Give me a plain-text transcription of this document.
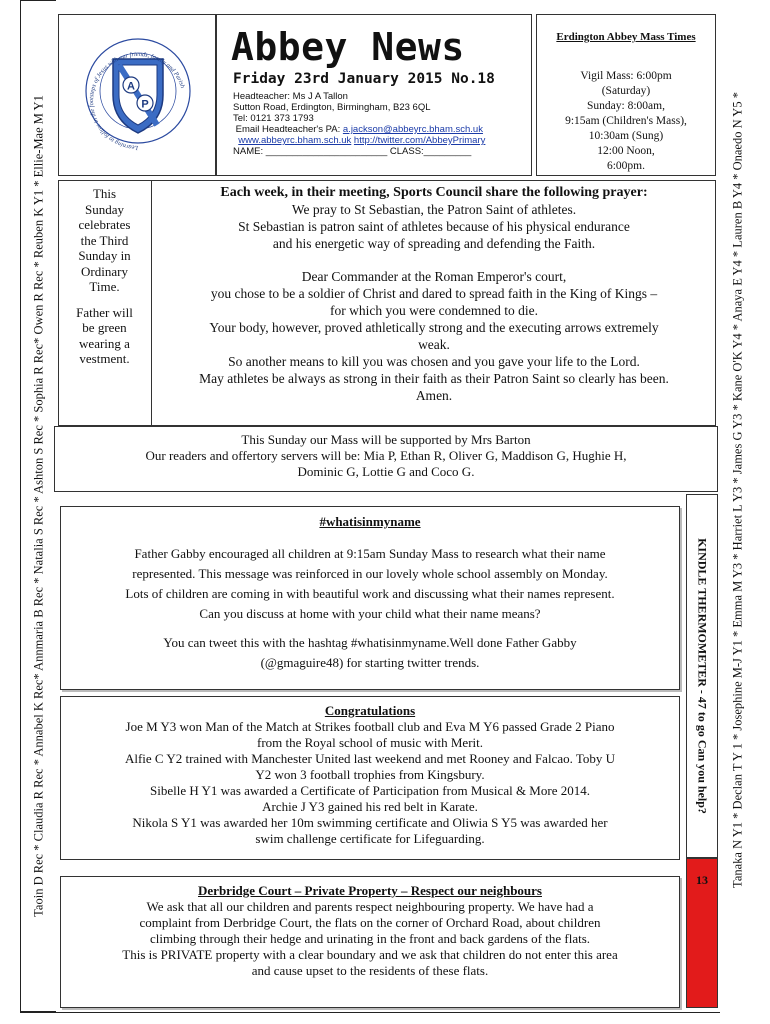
Taoin D Rec * Claudia R Rec * Annabel K Rec* Annmaria B Rec * Natalia S Rec * Ashton S Rec * Sophia R Rec* Owen R Rec * Reuben K Y1 * Ellie-Mae M Y1	Tanaka N Y1 * Declan T Y 1 * Josephine M-J Y1 * Emma M Y3 * Harriet L Y3 * James G Y3 * Kane O'K Y4 * Anaya E Y4 * Lauren B Y4 * Onaedo N Y5 *
A
P
Learning to follow in the footsteps of Jesus with our friends, family and Parish
Abbey News
Friday 23rd January 2015 No.18
Headteacher: Ms J A Tallon
Sutton Road, Erdington, Birmingham, B23 6QL
Tel: 0121 373 1793
Email Headteacher's PA: a.jackson@abbeyrc.bham.sch.uk
www.abbeyrc.bham.sch.uk http://twitter.com/AbbeyPrimary
NAME: _______________________ CLASS:_________
Erdington Abbey Mass Times
Vigil Mass: 6:00pm
(Saturday)
Sunday: 8:00am,
9:15am (Children's Mass),
10:30am (Sung)
12:00 Noon,
6:00pm.
This
Sunday
celebrates
the Third
Sunday in
Ordinary
Time.
Father will
be green
wearing a
vestment.
Each week, in their meeting, Sports Council share the following prayer:
We pray to St Sebastian, the Patron Saint of athletes.
St Sebastian is patron saint of athletes because of his physical endurance
and his energetic way of spreading and defending the Faith.
Dear Commander at the Roman Emperor's court,
you chose to be a soldier of Christ and dared to spread faith in the King of Kings –
for which you were condemned to die.
Your body, however, proved athletically strong and the executing arrows extremely
weak.
So another means to kill you was chosen and you gave your life to the Lord.
May athletes be always as strong in their faith as their Patron Saint so clearly has been.
Amen.
This Sunday our Mass will be supported by Mrs Barton
Our readers and offertory servers will be: Mia P, Ethan R, Oliver G, Maddison G, Hughie H,
Dominic G, Lottie G and Coco G.
#whatisinmyname
Father Gabby encouraged all children at 9:15am Sunday Mass to research what their name
represented. This message was reinforced in our lovely whole school assembly on Monday.
Lots of children are coming in with beautiful work and discussing what their names represent.
Can you discuss at home with your child what their name means?
You can tweet this with the hashtag #whatisinmyname.Well done Father Gabby
(@gmaguire48) for starting twitter trends.	KINDLE THERMOMETER - 47 to go Can you help?
13
Congratulations
Joe M Y3 won Man of the Match at Strikes football club and Eva M Y6 passed Grade 2 Piano
from the Royal school of music with Merit.
Alfie C Y2 trained with Manchester United last weekend and met Rooney and Falcao. Toby U
Y2 won 3 football trophies from Kingsbury.
Sibelle H Y1 was awarded a Certificate of Participation from Musical & More 2014.
Archie J Y3 gained his red belt in Karate.
Nikola S Y1 was awarded her 10m swimming certificate and Oliwia S Y5 was awarded her
swim challenge certificate for Lifeguarding.
Derbridge Court – Private Property – Respect our neighbours
We ask that all our children and parents respect neighbouring property. We have had a
complaint from Derbridge Court, the flats on the corner of Orchard Road, about children
climbing through their hedge and urinating in the front and back gardens of the flats.
This is PRIVATE property with a clear boundary and we ask that children do not enter this area
and cause upset to the residents of these flats.
